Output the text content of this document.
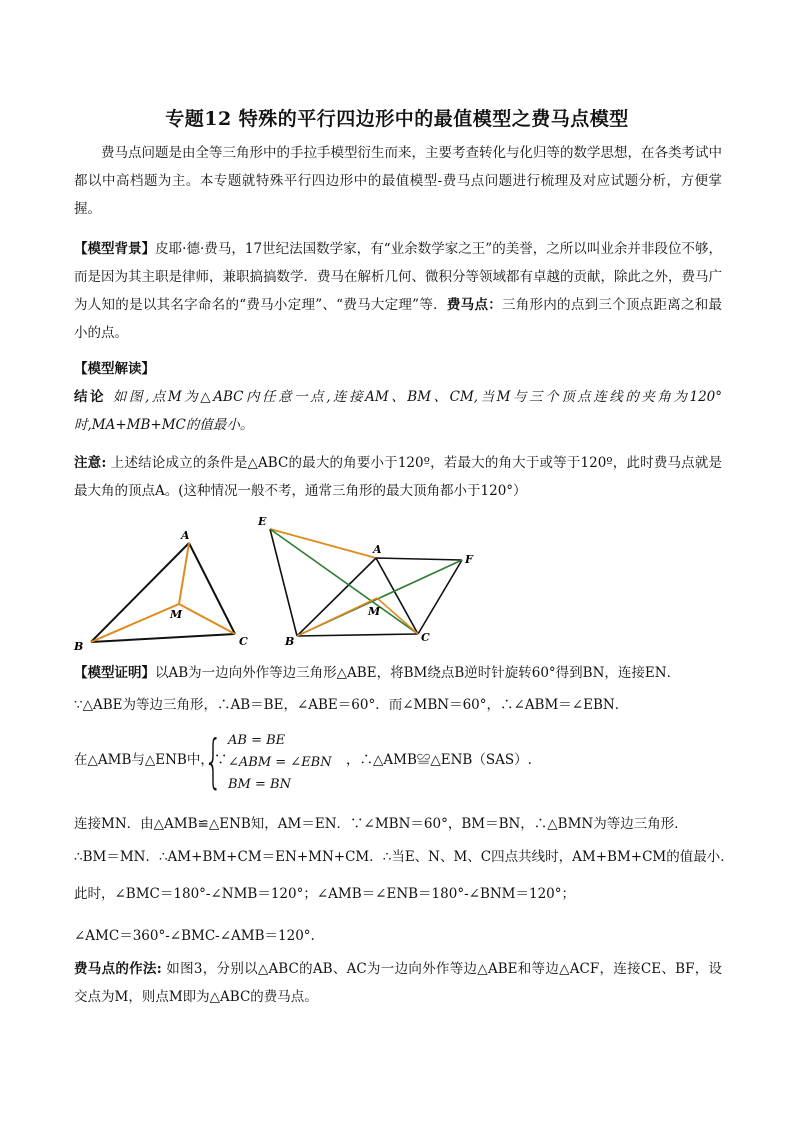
专题12 特殊的平行四边形中的最值模型之费马点模型
费马点问题是由全等三角形中的手拉手模型衍生而来，主要考查转化与化归等的数学思想，在各类考试中都以中高档题为主。本专题就特殊平行四边形中的最值模型-费马点问题进行梳理及对应试题分析，方便掌握。
【模型背景】皮耶·德·费马，17世纪法国数学家，有“业余数学家之王”的美誉，之所以叫业余并非段位不够，而是因为其主职是律师，兼职搞搞数学．费马在解析几何、微积分等领域都有卓越的贡献，除此之外，费马广为人知的是以其名字命名的“费马小定理”、“费马大定理”等．费马点：三角形内的点到三个顶点距离之和最小的点。
【模型解读】
结论 如图,点M为△ABC内任意一点,连接AM、BM、CM,当M与三个顶点连线的夹角为120°时,MA+MB+MC的值最小。
注意: 上述结论成立的条件是△ABC的最大的角要小于120º，若最大的角大于或等于120º，此时费马点就是最大角的顶点A。(这种情况一般不考，通常三角形的最大顶角都小于120°）
A
B	C
M
E
A
F
B	C
M
【模型证明】以AB为一边向外作等边三角形△ABE，将BM绕点B逆时针旋转60°得到BN，连接EN．
∵△ABE为等边三角形，∴AB＝BE，∠ABE＝60°．而∠MBN＝60°，∴∠ABM＝∠EBN．
在△AMB与△ENB中，∵
{ AB = BE
∠ABM = ∠EBN
BM = BN
，∴△AMB≌△ENB（SAS）.
连接MN．由△AMB≌△ENB知，AM＝EN．∵∠MBN＝60°，BM＝BN，∴△BMN为等边三角形．
∴BM＝MN．∴AM+BM+CM＝EN+MN+CM．∴当E、N、M、C四点共线时，AM+BM+CM的值最小．
此时，∠BMC＝180°-∠NMB＝120°；∠AMB＝∠ENB＝180°-∠BNM＝120°；
∠AMC＝360°-∠BMC-∠AMB＝120°.
费马点的作法: 如图3，分别以△ABC的AB、AC为一边向外作等边△ABE和等边△ACF，连接CE、BF，设交点为M，则点M即为△ABC的费马点。
